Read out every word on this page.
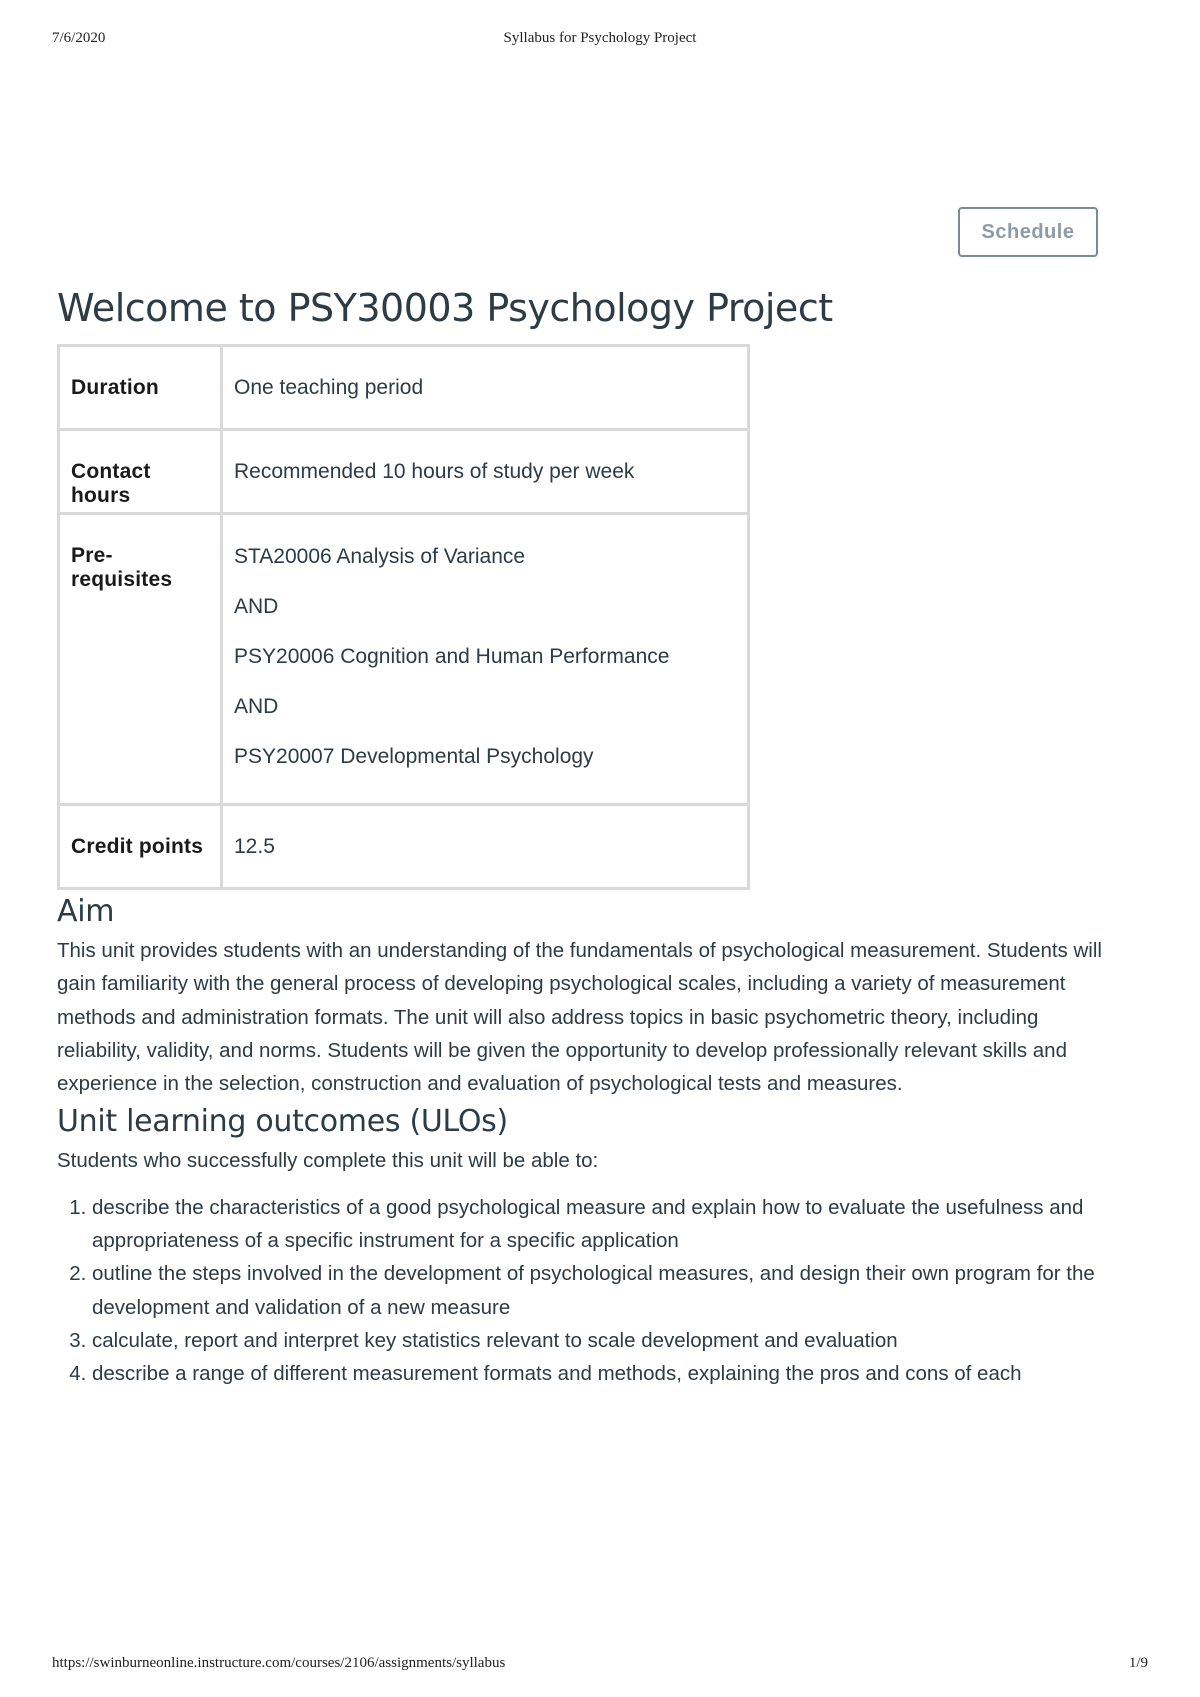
7/6/2020	Syllabus for Psychology Project
Schedule
Welcome to PSY30003 Psychology Project
Duration	One teaching period
Contact hours	Recommended 10 hours of study per week
Pre-requisites	STA20006 Analysis of Variance
AND
PSY20006 Cognition and Human Performance
AND
PSY20007 Developmental Psychology

Credit points	12.5
Aim

This unit provides students with an understanding of the fundamentals of psychological measurement. Students will gain familiarity with the general process of developing psychological scales, including a variety of measurement methods and administration formats. The unit will also address topics in basic psychometric theory, including reliability, validity, and norms. Students will be given the opportunity to develop professionally relevant skills and experience in the selection, construction and evaluation of psychological tests and measures.

Unit learning outcomes (ULOs)

Students who successfully complete this unit will be able to:

1. describe the characteristics of a good psychological measure and explain how to evaluate the usefulness and appropriateness of a specific instrument for a specific application
2. outline the steps involved in the development of psychological measures, and design their own program for the development and validation of a new measure
3. calculate, report and interpret key statistics relevant to scale development and evaluation
4. describe a range of different measurement formats and methods, explaining the pros and cons of each
https://swinburneonline.instructure.com/courses/2106/assignments/syllabus	1/9
